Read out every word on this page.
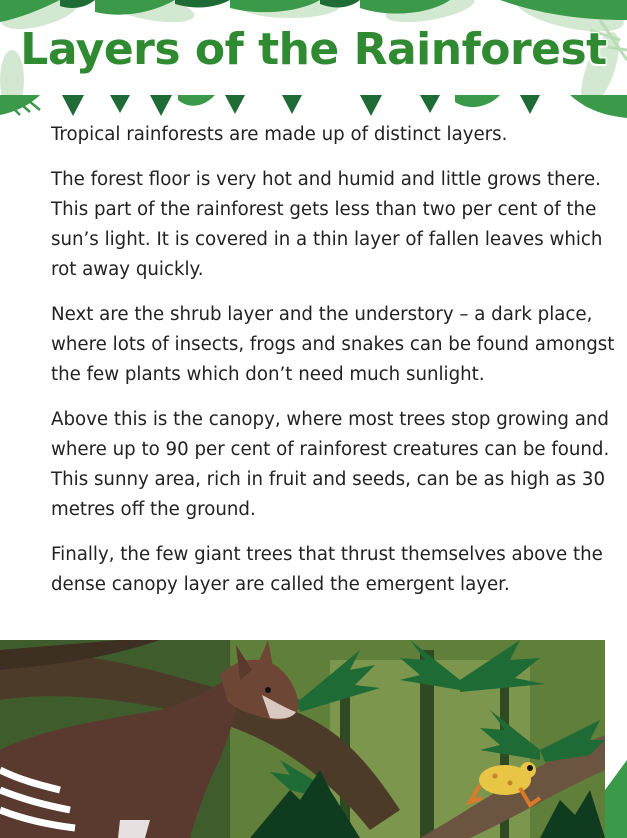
Layers of the Rainforest

Tropical rainforests are made up of distinct layers.

The forest floor is very hot and humid and little grows there. This part of the rainforest gets less than two per cent of the sun’s light. It is covered in a thin layer of fallen leaves which rot away quickly.

Next are the shrub layer and the understory – a dark place, where lots of insects, frogs and snakes can be found amongst the few plants which don’t need much sunlight.

Above this is the canopy, where most trees stop growing and where up to 90 per cent of rainforest creatures can be found. This sunny area, rich in fruit and seeds, can be as high as 30 metres off the ground.

Finally, the few giant trees that thrust themselves above the dense canopy layer are called the emergent layer.
